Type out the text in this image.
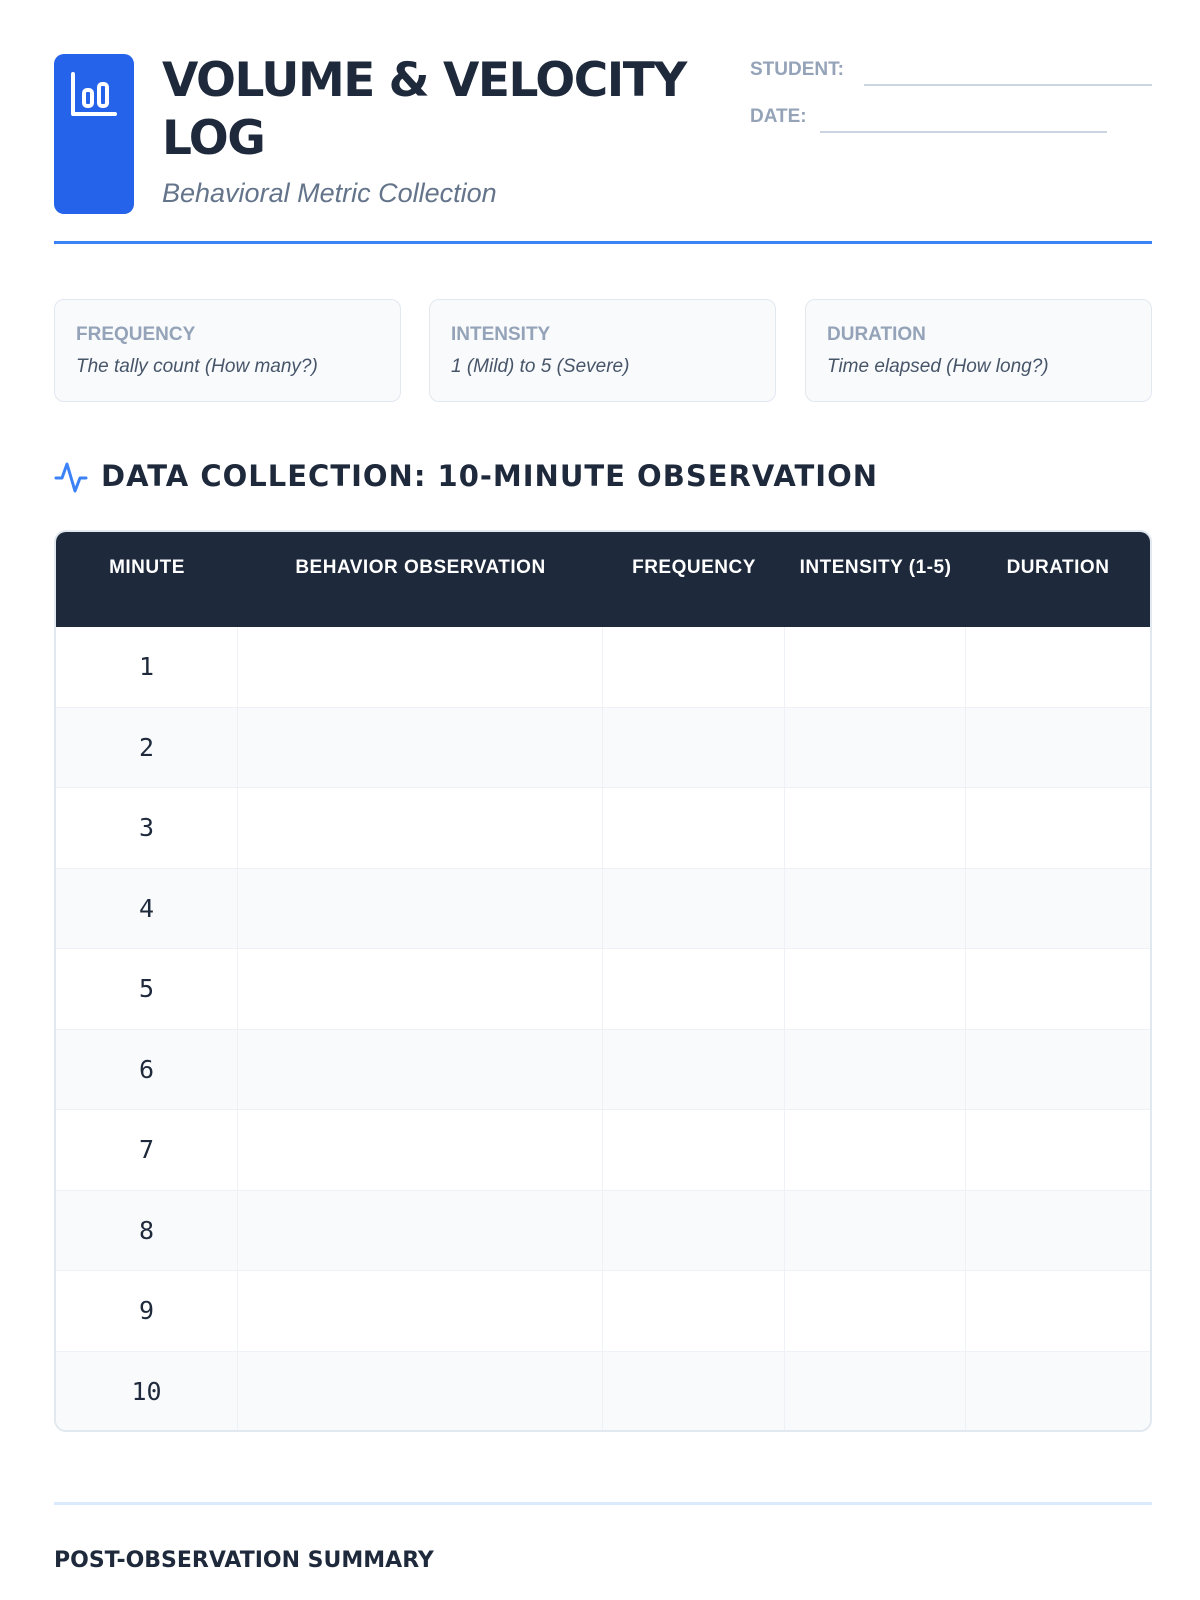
VOLUME & VELOCITY LOG
Behavioral Metric Collection
STUDENT:
DATE:
FREQUENCY
The tally count (How many?)
INTENSITY
1 (Mild) to 5 (Severe)
DURATION
Time elapsed (How long?)
DATA COLLECTION: 10-MINUTE OBSERVATION
MINUTE	BEHAVIOR OBSERVATION	FREQUENCY	INTENSITY (1-5)	DURATION
1
2
3
4
5
6
7
8
9
10
POST-OBSERVATION SUMMARY
